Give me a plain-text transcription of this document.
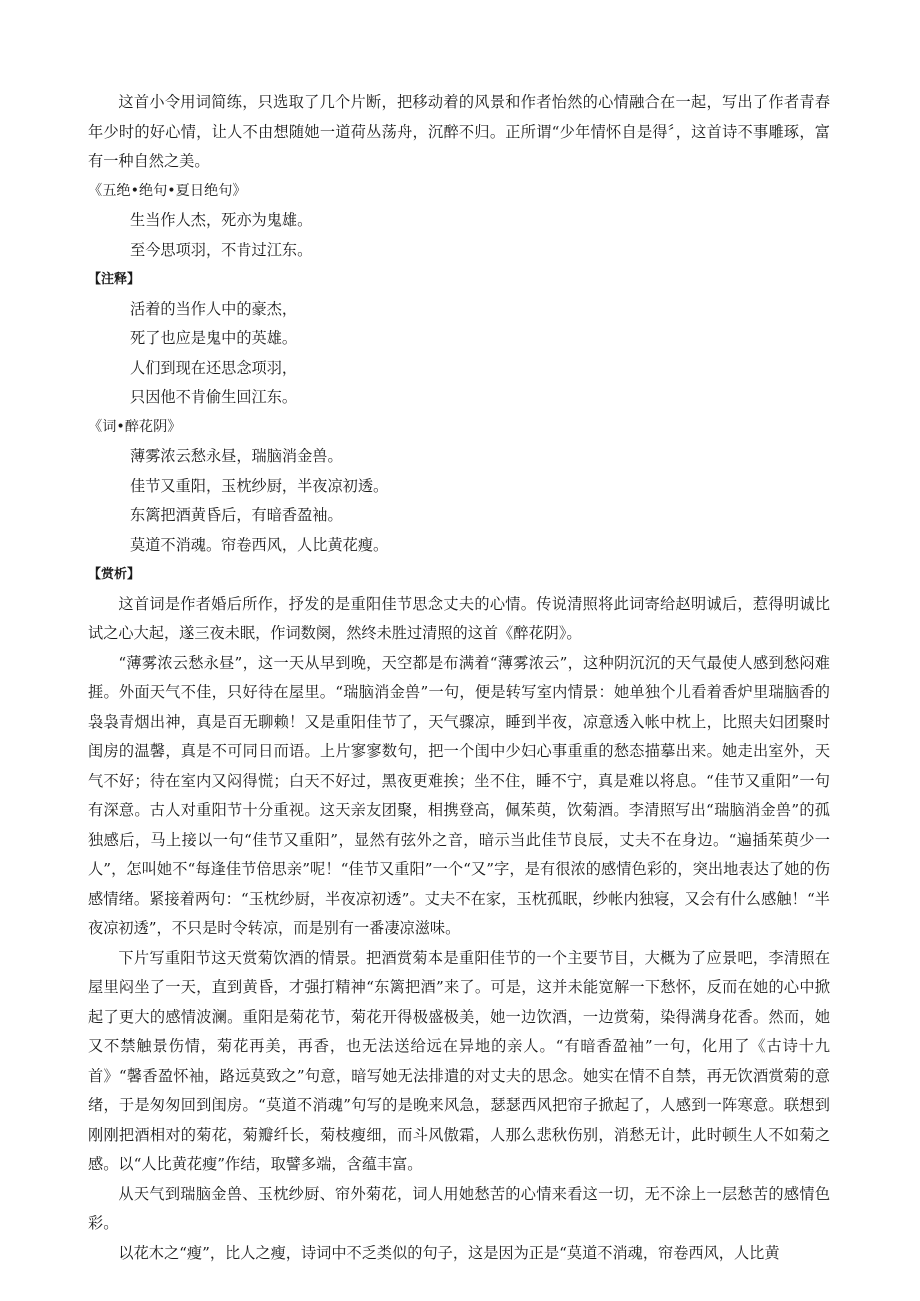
这首小令用词简练，只选取了几个片断，把移动着的风景和作者怡然的心情融合在一起，写出了作者青春年少时的好心情，让人不由想随她一道荷丛荡舟，沉醉不归。正所谓“少年情怀自是得〞，这首诗不事雕琢，富有一种自然之美。

《五绝•绝句•夏日绝句》

生当作人杰，死亦为鬼雄。

至今思项羽，不肯过江东。

【注释】

活着的当作人中的豪杰，

死了也应是鬼中的英雄。

人们到现在还思念项羽，

只因他不肯偷生回江东。

《词•醉花阴》

薄雾浓云愁永昼，瑞脑消金兽。

佳节又重阳，玉枕纱厨，半夜凉初透。

东篱把酒黄昏后，有暗香盈袖。

莫道不消魂。帘卷西风，人比黄花瘦。

【赏析】

这首词是作者婚后所作，抒发的是重阳佳节思念丈夫的心情。传说清照将此词寄给赵明诚后，惹得明诚比试之心大起，遂三夜未眠，作词数阕，然终未胜过清照的这首《醉花阴》。

“薄雾浓云愁永昼”，这一天从早到晚，天空都是布满着“薄雾浓云”，这种阴沉沉的天气最使人感到愁闷难捱。外面天气不佳，只好待在屋里。“瑞脑消金兽”一句，便是转写室内情景：她单独个儿看着香炉里瑞脑香的袅袅青烟出神，真是百无聊赖！又是重阳佳节了，天气骤凉，睡到半夜，凉意透入帐中枕上，比照夫妇团聚时闺房的温馨，真是不可同日而语。上片寥寥数句，把一个闺中少妇心事重重的愁态描摹出来。她走出室外，天气不好；待在室内又闷得慌；白天不好过，黑夜更难挨；坐不住，睡不宁，真是难以将息。“佳节又重阳”一句有深意。古人对重阳节十分重视。这天亲友团聚，相携登高，佩茱萸，饮菊酒。李清照写出“瑞脑消金兽”的孤独感后，马上接以一句“佳节又重阳”，显然有弦外之音，暗示当此佳节良辰，丈夫不在身边。“遍插茱萸少一人”，怎叫她不“每逢佳节倍思亲”呢！“佳节又重阳”一个“又”字，是有很浓的感情色彩的，突出地表达了她的伤感情绪。紧接着两句：“玉枕纱厨，半夜凉初透”。丈夫不在家，玉枕孤眠，纱帐内独寝，又会有什么感触！“半夜凉初透”，不只是时令转凉，而是别有一番凄凉滋味。

下片写重阳节这天赏菊饮酒的情景。把酒赏菊本是重阳佳节的一个主要节目，大概为了应景吧，李清照在屋里闷坐了一天，直到黄昏，才强打精神“东篱把酒”来了。可是，这并未能宽解一下愁怀，反而在她的心中掀起了更大的感情波澜。重阳是菊花节，菊花开得极盛极美，她一边饮酒，一边赏菊，染得满身花香。然而，她又不禁触景伤情，菊花再美，再香，也无法送给远在异地的亲人。“有暗香盈袖”一句，化用了《古诗十九首》“馨香盈怀袖，路远莫致之”句意，暗写她无法排遣的对丈夫的思念。她实在情不自禁，再无饮酒赏菊的意绪，于是匆匆回到闺房。“莫道不消魂”句写的是晚来风急，瑟瑟西风把帘子掀起了，人感到一阵寒意。联想到刚刚把酒相对的菊花，菊瓣纤长，菊枝瘦细，而斗风傲霜，人那么悲秋伤别，消愁无计，此时顿生人不如菊之感。以“人比黄花瘦”作结，取譬多端，含蕴丰富。

从天气到瑞脑金兽、玉枕纱厨、帘外菊花，词人用她愁苦的心情来看这一切，无不涂上一层愁苦的感情色彩。

以花木之“瘦”，比人之瘦，诗词中不乏类似的句子，这是因为正是“莫道不消魂，帘卷西风，人比黄
